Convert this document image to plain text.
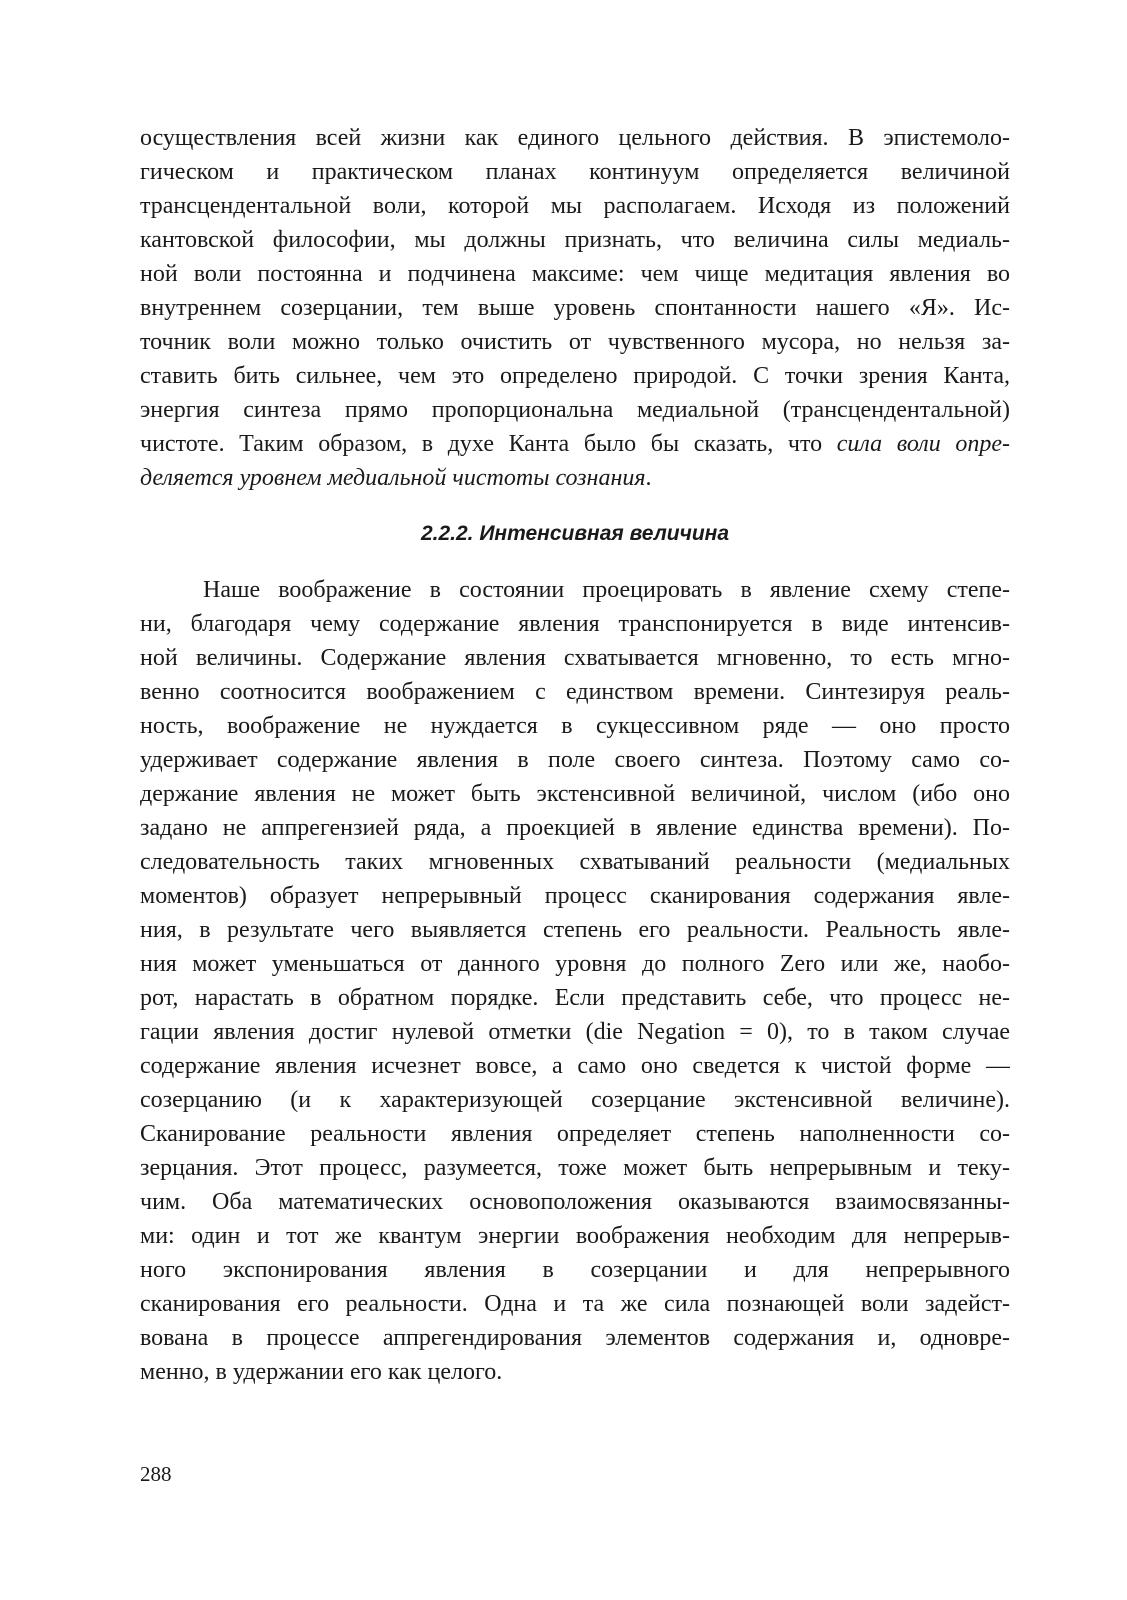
осуществления всей жизни как единого цельного действия. В эпистемоло-
гическом и практическом планах континуум определяется величиной
трансцендентальной воли, которой мы располагаем. Исходя из положений
кантовской философии, мы должны признать, что величина силы медиаль-
ной воли постоянна и подчинена максиме: чем чище медитация явления во
внутреннем созерцании, тем выше уровень спонтанности нашего «Я». Ис-
точник воли можно только очистить от чувственного мусора, но нельзя за-
ставить бить сильнее, чем это определено природой. С точки зрения Канта,
энергия синтеза прямо пропорциональна медиальной (трансцендентальной)
чистоте. Таким образом, в духе Канта было бы сказать, что сила воли опре-
деляется уровнем медиальной чистоты сознания.
2.2.2. Интенсивная величина
Наше воображение в состоянии проецировать в явление схему степе-
ни, благодаря чему содержание явления транспонируется в виде интенсив-
ной величины. Содержание явления схватывается мгновенно, то есть мгно-
венно соотносится воображением с единством времени. Синтезируя реаль-
ность, воображение не нуждается в сукцессивном ряде — оно просто
удерживает содержание явления в поле своего синтеза. Поэтому само со-
держание явления не может быть экстенсивной величиной, числом (ибо оно
задано не аппрегензией ряда, а проекцией в явление единства времени). По-
следовательность таких мгновенных схватываний реальности (медиальных
моментов) образует непрерывный процесс сканирования содержания явле-
ния, в результате чего выявляется степень его реальности. Реальность явле-
ния может уменьшаться от данного уровня до полного Zero или же, наобо-
рот, нарастать в обратном порядке. Если представить себе, что процесс не-
гации явления достиг нулевой отметки (die Negation = 0), то в таком случае
содержание явления исчезнет вовсе, а само оно сведется к чистой форме —
созерцанию (и к характеризующей созерцание экстенсивной величине).
Сканирование реальности явления определяет степень наполненности со-
зерцания. Этот процесс, разумеется, тоже может быть непрерывным и теку-
чим. Оба математических основоположения оказываются взаимосвязанны-
ми: один и тот же квантум энергии воображения необходим для непрерыв-
ного экспонирования явления в созерцании и для непрерывного
сканирования его реальности. Одна и та же сила познающей воли задейст-
вована в процессе аппрегендирования элементов содержания и, одновре-
менно, в удержании его как целого.
288
